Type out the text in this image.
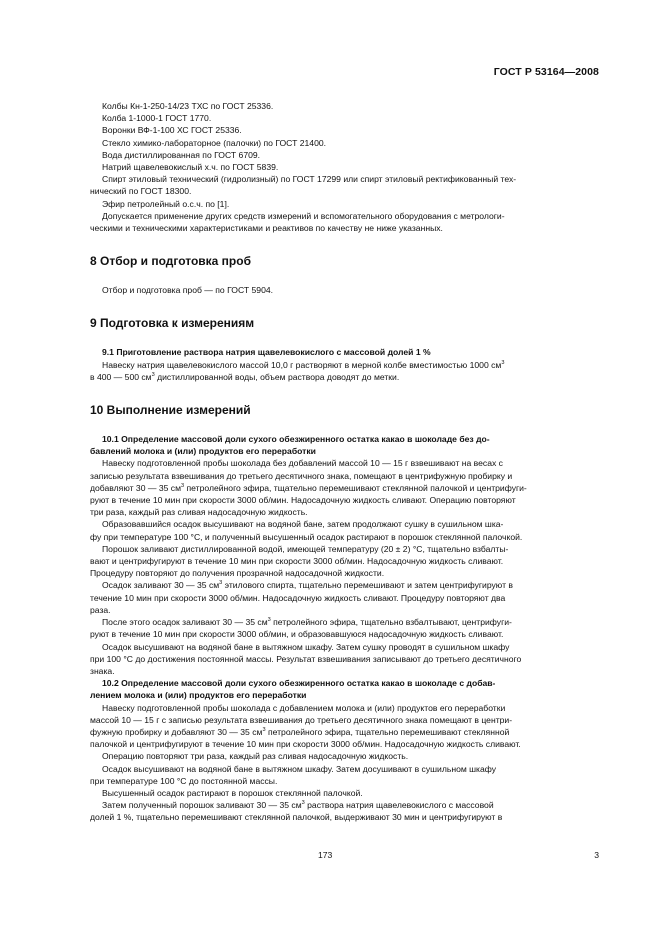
ГОСТ Р 53164—2008

Колбы Кн-1-250-14/23 ТХС по ГОСТ 25336.

Колба 1-1000-1 ГОСТ 1770.

Воронки ВФ-1-100 ХС ГОСТ 25336.

Стекло химико-лабораторное (палочки) по ГОСТ 21400.

Вода дистиллированная по ГОСТ 6709.

Натрий щавелевокислый х.ч. по ГОСТ 5839.

Спирт этиловый технический (гидролизный) по ГОСТ 17299 или спирт этиловый ректификованный тех-

нический по ГОСТ 18300.

Эфир петролейный о.с.ч. по [1].

Допускается применение других средств измерений и вспомогательного оборудования с метрологи-

ческими и техническими характеристиками и реактивов по качеству не ниже указанных.

8 Отбор и подготовка проб

Отбор и подготовка проб — по ГОСТ 5904.

9 Подготовка к измерениям

9.1 Приготовление раствора натрия щавелевокислого с массовой долей 1 %

Навеску натрия щавелевокислого массой 10,0 г растворяют в мерной колбе вместимостью 1000 $см^3$

в 400 — 500 $см^3$ дистиллированной воды, объем раствора доводят до метки.

10 Выполнение измерений

10.1 Определение массовой доли сухого обезжиренного остатка какао в шоколаде без до-

бавлений молока и (или) продуктов его переработки

Навеску подготовленной пробы шоколада без добавлений массой 10 — 15 г взвешивают на весах с

записью результата взвешивания до третьего десятичного знака, помещают в центрифужную пробирку и

добавляют 30 — 35 $см^3$ петролейного эфира, тщательно перемешивают стеклянной палочкой и центрифуги-

руют в течение 10 мин при скорости 3000 об/мин. Надосадочную жидкость сливают. Операцию повторяют

три раза, каждый раз сливая надосадочную жидкость.

Образовавшийся осадок высушивают на водяной бане, затем продолжают сушку в сушильном шка-

фу при температуре 100 °С, и полученный высушенный осадок растирают в порошок стеклянной палочкой.

Порошок заливают дистиллированной водой, имеющей температуру (20 ± 2) °С, тщательно взбалты-

вают и центрифугируют в течение 10 мин при скорости 3000 об/мин. Надосадочную жидкость сливают.

Процедуру повторяют до получения прозрачной надосадочной жидкости.

Осадок заливают 30 — 35 $см^3$ этилового спирта, тщательно перемешивают и затем центрифугируют в

течение 10 мин при скорости 3000 об/мин. Надосадочную жидкость сливают. Процедуру повторяют два

раза.

После этого осадок заливают 30 — 35 $см^3$ петролейного эфира, тщательно взбалтывают, центрифуги-

руют в течение 10 мин при скорости 3000 об/мин, и образовавшуюся надосадочную жидкость сливают.

Осадок высушивают на водяной бане в вытяжном шкафу. Затем сушку проводят в сушильном шкафу

при 100 °С до достижения постоянной массы. Результат взвешивания записывают до третьего десятичного

знака.

10.2 Определение массовой доли сухого обезжиренного остатка какао в шоколаде с добав-

лением молока и (или) продуктов его переработки

Навеску подготовленной пробы шоколада с добавлением молока и (или) продуктов его переработки

массой 10 — 15 г с записью результата взвешивания до третьего десятичного знака помещают в центри-

фужную пробирку и добавляют 30 — 35 $см^3$ петролейного эфира, тщательно перемешивают стеклянной

палочкой и центрифугируют в течение 10 мин при скорости 3000 об/мин. Надосадочную жидкость сливают.

Операцию повторяют три раза, каждый раз сливая надосадочную жидкость.

Осадок высушивают на водяной бане в вытяжном шкафу. Затем досушивают в сушильном шкафу

при температуре 100 °С до постоянной массы.

Высушенный осадок растирают в порошок стеклянной палочкой.

Затем полученный порошок заливают 30 — 35 $см^3$ раствора натрия щавелевокислого с массовой

долей 1 %, тщательно перемешивают стеклянной палочкой, выдерживают 30 мин и центрифугируют в

173	3
